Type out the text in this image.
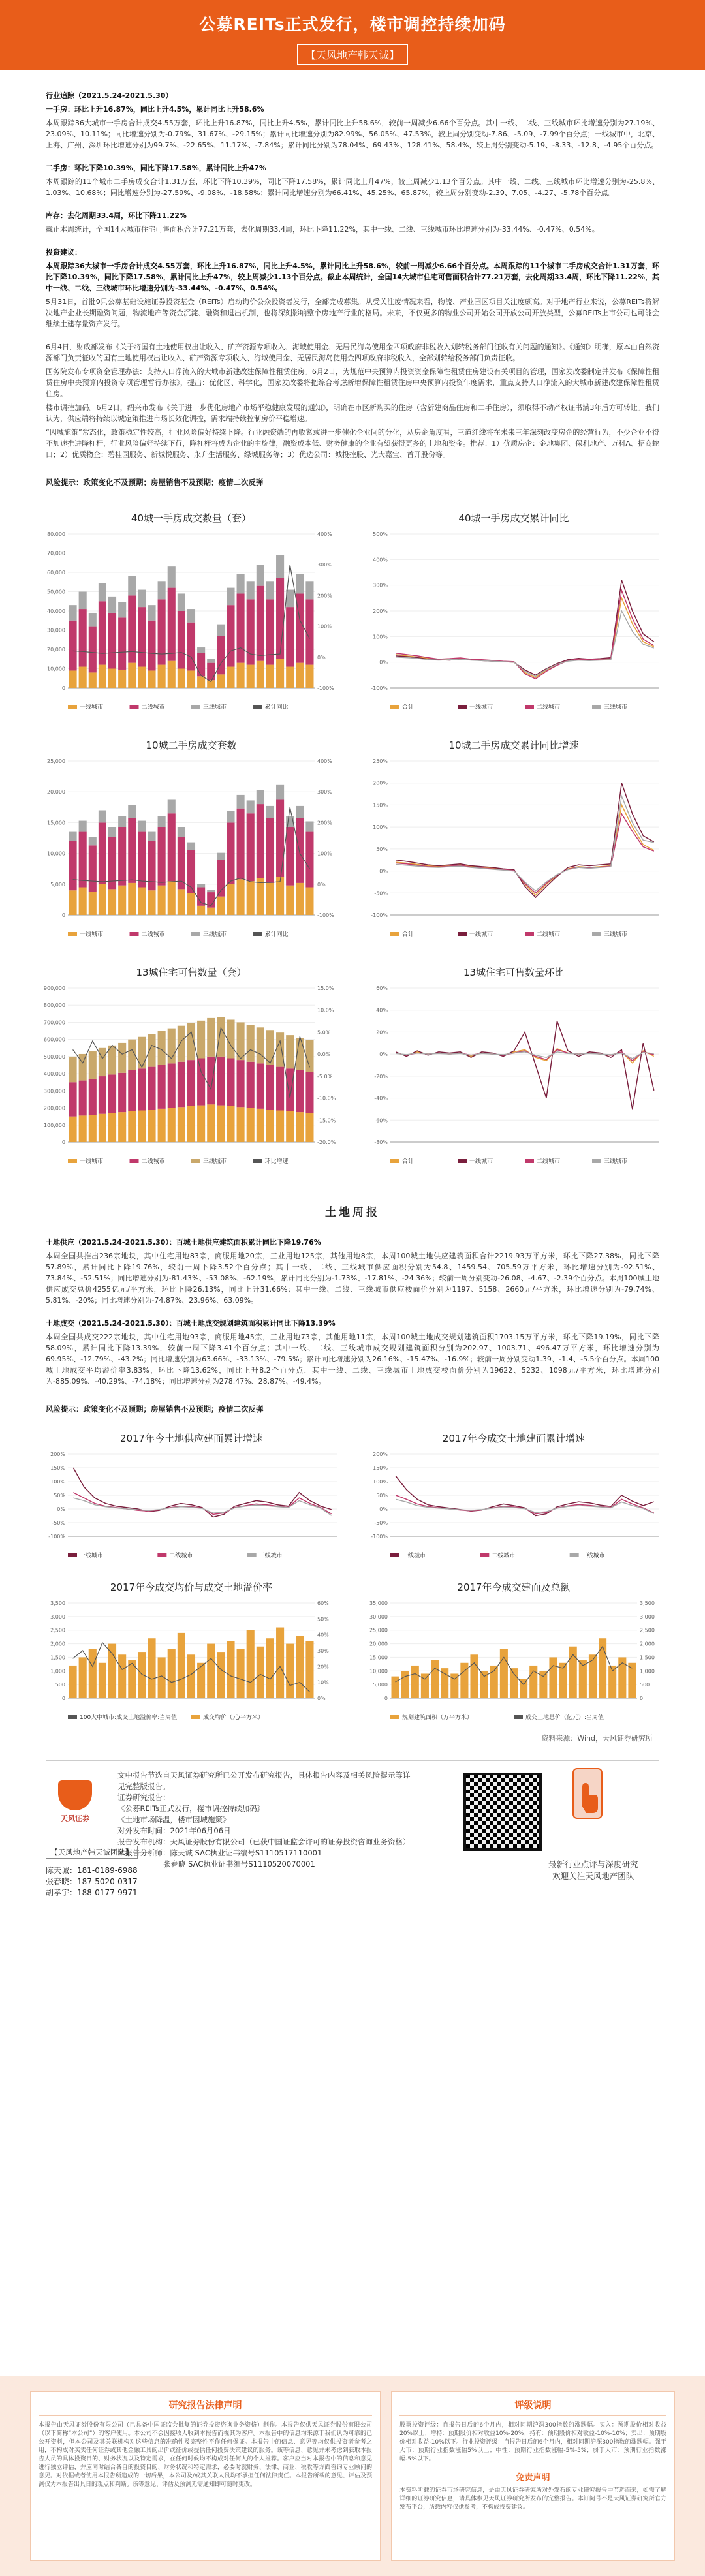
公募REITs正式发行，楼市调控持续加码
【天风地产韩天诚】

行业追踪（2021.5.24-2021.5.30）

一手房：环比上升16.87%，同比上升4.5%，累计同比上升58.6%

本周跟踪36大城市一手房合计成交4.55万套，环比上升16.87%，同比上升4.5%，累计同比上升58.6%，较前一周减少6.66个百分点。其中一线、二线、三线城市环比增速分别为27.19%、23.09%、10.11%；同比增速分别为-0.79%、31.67%、-29.15%；累计同比增速分别为82.99%、56.05%、47.53%，较上周分别变动-7.86、-5.09、-7.99个百分点；一线城市中，北京、上海、广州、深圳环比增速分别为99.7%、-22.65%、11.17%、-7.84%；累计同比分别为78.04%、69.43%、128.41%、58.4%，较上周分别变动-5.19、-8.33、-12.8、-4.95个百分点。

二手房：环比下降10.39%，同比下降17.58%，累计同比上升47%

本周跟踪的11个城市二手房成交合计1.31万套，环比下降10.39%，同比下降17.58%，累计同比上升47%，较上周减少1.13个百分点。其中一线、二线、三线城市环比增速分别为-25.8%、1.03%、10.68%；同比增速分别为-27.59%、-9.08%、-18.58%；累计同比增速分别为66.41%、45.25%、65.87%，较上周分别变动-2.39、7.05、-4.27、-5.78个百分点。

库存：去化周期33.4周，环比下降11.22%

截止本周统计，全国14大城市住宅可售面积合计77.21万套，去化周期33.4周，环比下降11.22%，其中一线、二线、三线城市环比增速分别为-33.44%、-0.47%、0.54%。

投资建议：

本周跟踪36大城市一手房合计成交4.55万套，环比上升16.87%，同比上升4.5%，累计同比上升58.6%，较前一周减少6.66个百分点。本周跟踪的11个城市二手房成交合计1.31万套，环比下降10.39%，同比下降17.58%，累计同比上升47%，较上周减少1.13个百分点。截止本周统计，全国14大城市住宅可售面积合计77.21万套，去化周期33.4周，环比下降11.22%，其中一线、二线、三线城市环比增速分别为-33.44%、-0.47%、0.54%。

5月31日，首批9只公募基础设施证券投资基金（REITs）启动询价公众投资者发行，全部完成募集。从受关注度情况来看，物流、产业园区项目关注度颇高。对于地产行业来说，公募REITs将解决地产企业长期融资问题，物流地产等资金沉淀、融资和退出机制，也将深刻影响整个房地产行业的格局。未来，不仅更多的物业公司开始公司开放公司开放类型，公募REITs上市公司也可能会继续土建存量资产发行。

6月4日，财政部发布《关于将国有土地使用权出让收入、矿产资源专项收入、海域使用金、无居民海岛使用金四项政府非税收入划转税务部门征收有关问题的通知》。《通知》明确，原本由自然资源部门负责征收的国有土地使用权出让收入、矿产资源专项收入、海域使用金、无居民海岛使用金四项政府非税收入，全部划转给税务部门负责征收。

国务院发布专项资金管理办法：支持人口净流入的大城市新建改建保障性租赁住房。6月2日，为规范中央预算内投资资金保障性租赁住房建设有关项目的管理，国家发改委制定并发布《保障性租赁住房中央预算内投资专项管理暂行办法》，提出：优化区、科学化，国家发改委将把综合考虑新增保障性租赁住房中央预算内投资年度需求，重点支持人口净流入的大城市新建改建保障性租赁住房。

楼市调控加码。6月2日，绍兴市发布《关于进一步优化房地产市场平稳健康发展的通知》，明确在市区新购买的住房（含新建商品住房和二手住房），须取得不动产权证书满3年后方可转让。我们认为，供应端将持续以城定策推进市场长效化调控，需求端持续控制房价平稳增速。

“因城施策”常态化，政策稳定性较高，行业风险偏好持续下降。行业融资端的再收紧或进一步催化企业间的分化，从房企角度看，三道红线将在未来三年深刻改变房企的经营行为，不少企业不得不加速推进降杠杆，行业风险偏好持续下行，降杠杆将成为企业的主旋律，融资成本低、财务健康的企业有望获得更多的土地和资金。推荐：1）优质房企：金地集团、保利地产、万科A、招商蛇口；2）优质物企：碧桂园服务、新城悦服务、永升生活服务、绿城服务等；3）优选公司：城投控股、光大嘉宝、首开股份等。

风险提示：政策变化不及预期；房屋销售不及预期；疫情二次反弹
40城一手房成交数量（套）
80,000
70,000
60,000
50,000
40,000
30,000
20,000
10,000
0
400%
300%
200%
100%
0%
-100%
一线城市	二线城市	三线城市	累计同比
40城一手房成交累计同比
500%
400%
300%
200%
100%
0%
-100%
合计	一线城市	二线城市	三线城市
10城二手房成交套数
25,000
20,000
15,000
10,000
5,000
0
400%
300%
200%
100%
0%
-100%
一线城市	二线城市	三线城市	累计同比
10城二手房成交累计同比增速
250%
200%
150%
100%
50%
0%
-50%
-100%
合计	一线城市	二线城市	三线城市
13城住宅可售数量（套）
900,000
800,000
700,000
600,000
500,000
400,000
300,000
200,000
100,000
0
15.0%
10.0%
5.0%
0.0%
-5.0%
-10.0%
-15.0%
-20.0%
一线城市	二线城市	三线城市	环比增速
13城住宅可售数量环比
60%
40%
20%
0%
-20%
-40%
-60%
-80%
合计	一线城市	二线城市	三线城市
土地周报

土地供应（2021.5.24-2021.5.30）：百城土地供应建筑面积累计同比下降19.76%

本周全国共推出236宗地块，其中住宅用地83宗，商服用地20宗，工业用地125宗，其他用地8宗，本周100城土地供应建筑面积合计2219.93万平方米，环比下降27.38%，同比下降57.89%，累计同比下降19.76%，较前一周下降3.52个百分点；其中一线、二线、三线城市供应面积分别为54.8、1459.54、705.59万平方米，环比增速分别为-92.51%、73.84%、-52.51%；同比增速分别为-81.43%、-53.08%、-62.19%；累计同比分别为-1.73%、-17.81%、-24.36%；较前一周分别变动-26.08、-4.67、-2.39个百分点。本周100城土地供应成交总价4255亿元/平方米，环比下降26.13%，同比上升31.66%；其中一线、二线、三线城市供应楼面价分别为1197、5158、2660元/平方米，环比增速分别为-79.74%、5.81%、-20%；同比增速分别为-74.87%、23.96%、63.09%。

土地成交（2021.5.24-2021.5.30）：百城土地成交规划建筑面积累计同比下降13.39%

本周全国共成交222宗地块，其中住宅用地93宗，商服用地45宗，工业用地73宗，其他用地11宗，本周100城土地成交规划建筑面积1703.15万平方米，环比下降19.19%，同比下降58.09%，累计同比下降13.39%，较前一周下降3.41个百分点；其中一线、二线、三线城市成交规划建筑面积分别为202.97、1003.71、496.47万平方米，环比增速分别为69.95%、-12.79%、-43.2%；同比增速分别为63.66%、-33.13%、-79.5%；累计同比增速分别为26.16%、-15.47%、-16.9%；较前一周分别变动1.39、-1.4、-5.5个百分点。本周100城土地成交平均溢价率3.83%，环比下降13.62%，同比上升8.2个百分点，其中一线、二线、三线城市土地成交楼面价分别为19622、5232、1098元/平方米，环比增速分别为-885.09%、-40.29%、-74.18%；同比增速分别为278.47%、28.87%、-49.4%。

风险提示：政策变化不及预期；房屋销售不及预期；疫情二次反弹
2017年今土地供应建面累计增速
200%
150%
100%
50%
0%
-50%
-100%
一线城市	二线城市	三线城市
2017年今成交土地建面累计增速
200%
150%
100%
50%
0%
-50%
-100%
一线城市	二线城市	三线城市
2017年今成交均价与成交土地溢价率
3,500
3,000
2,500
2,000
1,500
1,000
500
0
60%
50%
40%
30%
20%
10%
0%
100大中城市:成交土地溢价率:当周值	成交均价（元/平方米）
2017年今成交建面及总额
35,000
30,000
25,000
20,000
15,000
10,000
5,000
0
3,500
3,000
2,500
2,000
1,500
1,000
500
0
规划建筑面积（万平方米）	成交土地总价（亿元）:当周值
资料来源：Wind，天风证券研究所
天风证券
文中报告节选自天风证券研究所已公开发布研究报告，具体报告内容及相关风险提示等详见完整版报告。
证券研究报告：
《公募REITs正式发行，楼市调控持续加码》
《土地市场降温，楼市因城施策》
对外发布时间：2021年06月06日
报告发布机构：天风证券股份有限公司（已获中国证监会许可的证券投资咨询业务资格）
本报告分析师：陈天诚 SAC执业证书编号S1110517110001
张春晓 SAC执业证书编号S1110520070001	最新行业点评与深度研究
欢迎关注天风地产团队
【天风地产韩天诚团队】
陈天诚：181-0189-6988
张春晓：187-5020-0317
胡孝宇：188-0177-9971
研究报告法律声明
本报告由天风证券股份有限公司（已具备中国证监会批复的证券投资咨询业务资格）制作。本报告仅供天风证券股份有限公司（以下简称“本公司”）的客户使用。本公司不会因接收人收到本报告而视其为客户。本报告中的信息均来源于我们认为可靠的已公开资料，但本公司及其关联机构对这些信息的准确性及完整性不作任何保证。本报告中的信息、意见等均仅供投资者参考之用，不构成对买卖任何证券或其他金融工具的出价或征价或提供任何投资决策建议的服务。该等信息、意见并未考虑到获取本报告人员的具体投资目的、财务状况以及特定需求，在任何时候均不构成对任何人的个人推荐。客户应当对本报告中的信息和意见进行独立评估，并应同时结合各自的投资目的、财务状况和特定需求，必要时就财务、法律、商业、税收等方面咨询专业顾问的意见。对依据或者使用本报告所造成的一切后果，本公司及/或其关联人员均不承担任何法律责任。本报告所载的意见、评估及预测仅为本报告出具日的观点和判断。该等意见、评估及预测无需通知即可随时更改。
评级说明
股票投资评级：自报告日后的6个月内，相对同期沪深300指数的涨跌幅。买入：预期股价相对收益20%以上；增持：预期股价相对收益10%-20%；持有：预期股价相对收益-10%-10%；卖出：预期股价相对收益-10%以下。行业投资评级：自报告日后的6个月内，相对同期沪深300指数的涨跌幅。强于大市：预期行业指数涨幅5%以上；中性：预期行业指数涨幅-5%-5%；弱于大市：预期行业指数涨幅-5%以下。
免责声明
本资料所载的证券市场研究信息，是由天风证券研究所对外发布的专业研究报告中节选而来，如需了解详细的证券研究信息，请具体参见天风证券研究所发布的完整报告。本订阅号不是天风证券研究所官方发布平台，所载内容仅供参考，不构成投资建议。
